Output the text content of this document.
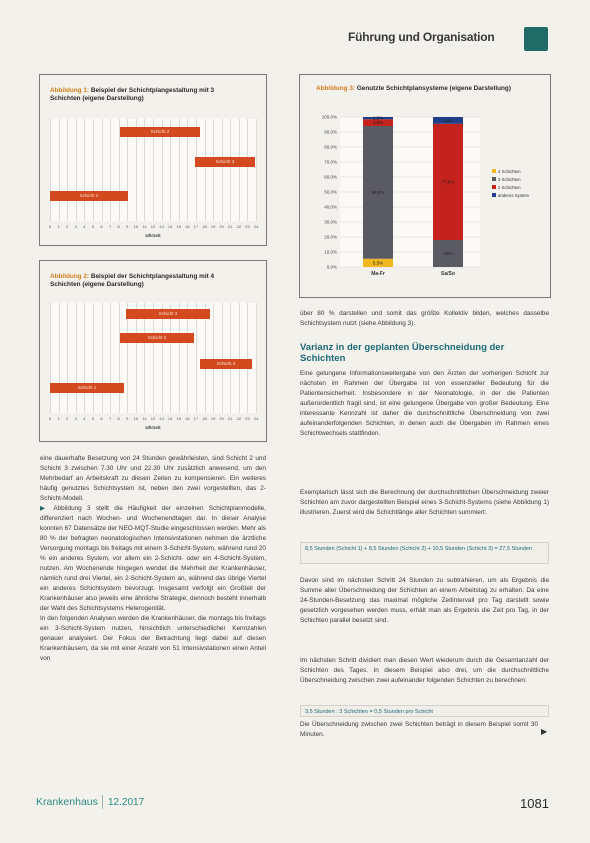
Führung und Organisation
Abbildung 1: Beispiel der Schichtplangestaltung mit 3 Schichten (eigene Darstellung)
Schicht 2
Schicht 3
Schicht 1
0	1	2	3	4	5	6	7	8	9	10	11	12	13	14	15	16	17	18	19	20	21	22	23	24
Uhrzeit
Abbildung 2: Beispiel der Schichtplangestaltung mit 4 Schichten (eigene Darstellung)
Schicht 3
Schicht 2
Schicht 4
Schicht 1
0	1	2	3	4	5	6	7	8	9	10	11	12	13	14	15	16	17	18	19	20	21	22	23	24
Uhrzeit
Abbildung 3: Genutzte Schichtplansysteme (eigene Darstellung)
0,0%
10,0%
20,0%
30,0%
40,0%
50,0%
60,0%
70,0%
80,0%
90,0%
100,0%
5,5%
88,5%
4,5%
1,5%
Ma-Fr
18%
77,5%
4,5%
Sa/So
4 Schichten
3 Schichten
2 Schichten
anderes System

eine dauerhafte Besetzung von 24 Stunden gewährleisten, sind Schicht 2 und Schicht 3 zwischen 7.30 Uhr und 22.30 Uhr zusätzlich anwesend, um den Mehrbedarf an Arbeitskraft zu diesen Zeiten zu kompensieren. Ein weiteres häufig genutztes Schichtsystem ist, neben den zwei vorgestellten, das 2-Schicht-Modell.

▶ Abbildung 3 stellt die Häufigkeit der einzelnen Schichtplanmodelle, differenziert nach Wochen- und Wochenendtagen dar. In dieser Analyse konnten 67 Datensätze der NEO-MQT-Studie eingeschlossen werden. Mehr als 80 % der befragten neonatologischen Intensivstationen nehmen die ärztliche Versorgung montags bis freitags mit einem 3-Schicht-System, während rund 20 % ein anderes System, vor allem ein 2-Schicht- oder ein 4-Schicht-System, nutzen. Am Wochenende hingegen wendet die Mehrheit der Krankenhäuser, nämlich rund drei Viertel, ein 2-Schicht-System an, während das übrige Viertel ein anderes Schichtsystem bevorzugt. Insgesamt verfolgt ein Großteil der Krankenhäuser also jeweils eine ähnliche Strategie, dennoch besteht innerhalb der Wahl des Schichtsystems Heterogenität.

In den folgenden Analysen werden die Krankenhäuser, die montags bis freitags ein 3-Schicht-System nutzen, hinsichtlich unterschiedlicher Kennzahlen genauer analysiert. Der Fokus der Betrachtung liegt dabei auf diesen Krankenhäusern, da sie mit einer Anzahl von 51 Intensivstationen einen Anteil von

über 80 % darstellen und somit das größte Kollektiv bilden, welches dasselbe Schichtsystem nutzt (siehe Abbildung 3).
Varianz in der geplanten Überschneidung der Schichten
Eine gelungene Informationsweitergabe von den Ärzten der vorherigen Schicht zur nächsten im Rahmen der Übergabe ist von essenzieller Bedeutung für die Patientensicherheit. Insbesondere in der Neonatologie, in der die Patienten außerordentlich fragil sind, ist eine gelungene Übergabe von großer Bedeutung. Eine interessante Kennzahl ist daher die durchschnittliche Überschneidung von zwei aufeinanderfolgenden Schichten, in denen auch die Übergaben im Rahmen eines Schichtwechsels stattfinden.
Exemplarisch lässt sich die Berechnung der durchschnittlichen Überschneidung zweier Schichten am zuvor dargestellten Beispiel eines 3-Schicht-Systems (siehe Abbildung 1) illustrieren. Zuerst wird die Schichtlänge aller Schichten summiert:
8,5 Stunden (Schicht 1) + 8,5 Stunden (Schicht 2) + 10,5 Stunden (Schicht 3) = 27,5 Stunden
Davon sind im nächsten Schritt 24 Stunden zu subtrahieren, um als Ergebnis die Summe aller Überschneidung der Schichten an einem Arbeitstag zu erhalten. Da eine 24-Stunden-Besetzung das maximal mögliche Zeitintervall pro Tag darstellt sowie gesetzlich vorgesehen werden muss, erhält man als Ergebnis die Zeit pro Tag, in der Schichten parallel besetzt sind.
Im nächsten Schritt dividiert man diesen Wert wiederum durch die Gesamtanzahl der Schichten des Tages. In diesem Beispiel also drei, um die durchschnittliche Überschneidung zwischen zwei aufeinander folgenden Schichten zu berechnen:
3,5 Stunden : 3 Schichten = 0,5 Stunden pro Schicht
Die Überschneidung zwischen zwei Schichten beträgt in diesem Beispiel somit 30 Minuten.	▶
Krankenhaus 12.2017	1081
